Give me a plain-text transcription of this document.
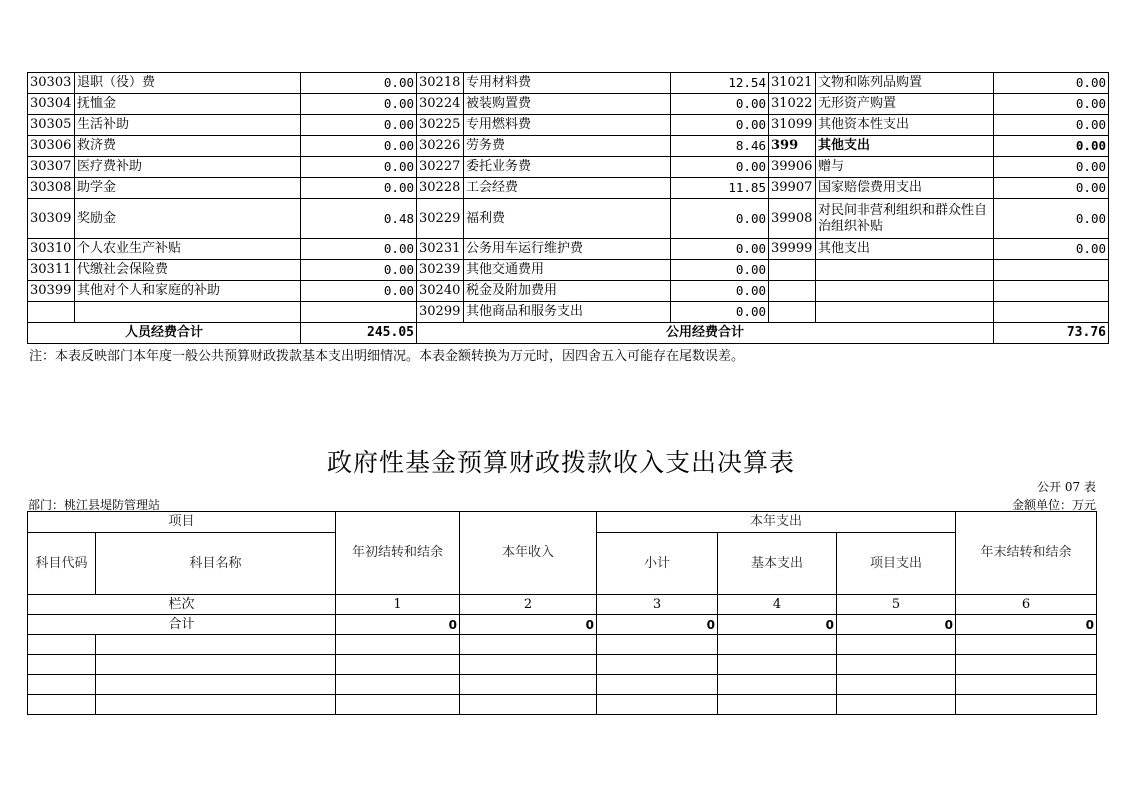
30303	退职（役）费	0.00	30218	专用材料费	12.54	31021	文物和陈列品购置	0.00
30304	抚恤金	0.00	30224	被装购置费	0.00	31022	无形资产购置	0.00
30305	生活补助	0.00	30225	专用燃料费	0.00	31099	其他资本性支出	0.00
30306	救济费	0.00	30226	劳务费	8.46	399	其他支出	0.00
30307	医疗费补助	0.00	30227	委托业务费	0.00	39906	赠与	0.00
30308	助学金	0.00	30228	工会经费	11.85	39907	国家赔偿费用支出	0.00
30309	奖励金	0.48	30229	福利费	0.00	39908	对民间非营利组织和群众性自治组织补贴	0.00
30310	个人农业生产补贴	0.00	30231	公务用车运行维护费	0.00	39999	其他支出	0.00
30311	代缴社会保险费	0.00	30239	其他交通费用	0.00			
30399	其他对个人和家庭的补助	0.00	30240	税金及附加费用	0.00			
			30299	其他商品和服务支出	0.00			
人员经费合计		245.05	公用经费合计					73.76
注：本表反映部门本年度一般公共预算财政拨款基本支出明细情况。本表金额转换为万元时，因四舍五入可能存在尾数误差。
政府性基金预算财政拨款收入支出决算表
公开 07 表
部门：桃江县堤防管理站	金额单位：万元
项目		年初结转和结余	本年收入	本年支出			年末结转和结余
科目代码	科目名称			小计	基本支出	项目支出	
栏次		1	2	3	4	5	6
合计		0	0	0	0	0	0
